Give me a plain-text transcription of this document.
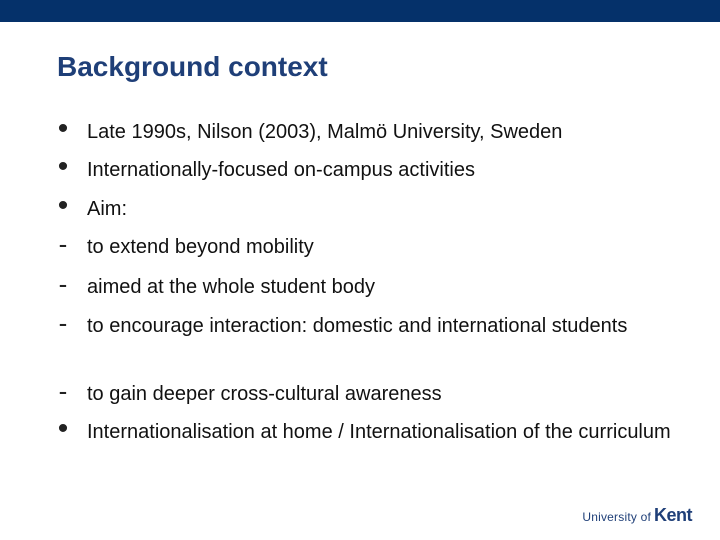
Background context
• Late 1990s, Nilson (2003), Malmö University, Sweden
• Internationally-focused on-campus activities
• Aim:
- to extend beyond mobility
- aimed at the whole student body
- to encourage interaction: domestic and international students
- to gain deeper cross-cultural awareness
• Internationalisation at home / Internationalisation of the curriculum
University of Kent
